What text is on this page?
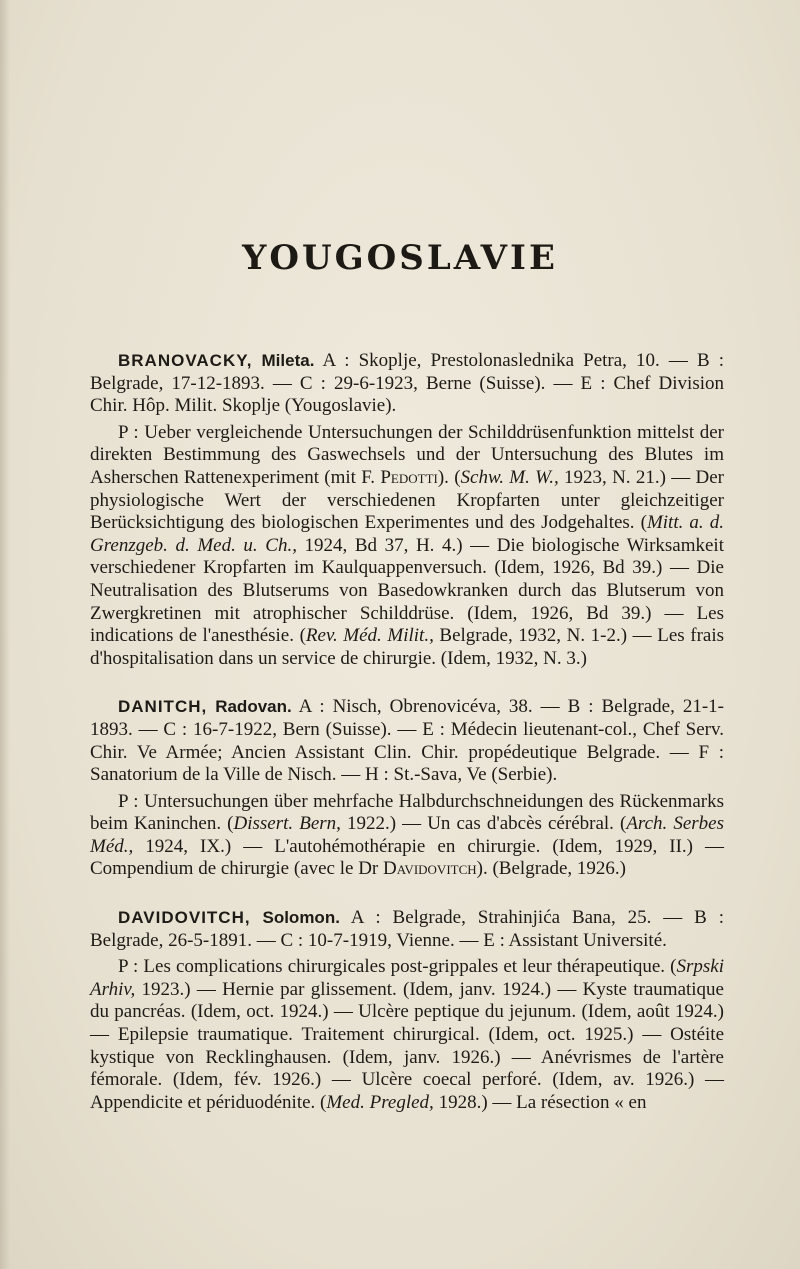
YOUGOSLAVIE

BRANOVACKY, Mileta. A : Skoplje, Prestolonaslednika Petra, 10. — B : Belgrade, 17-12-1893. — C : 29-6-1923, Berne (Suisse). — E : Chef Division Chir. Hôp. Milit. Skoplje (Yougoslavie).

P : Ueber vergleichende Untersuchungen der Schilddrüsenfunktion mittelst der direkten Bestimmung des Gaswechsels und der Untersuchung des Blutes im Asherschen Rattenexperiment (mit F. Pedotti). (Schw. M. W., 1923, N. 21.) — Der physiologische Wert der verschiedenen Kropfarten unter gleichzeitiger Berücksichtigung des biologischen Experimentes und des Jodgehaltes. (Mitt. a. d. Grenzgeb. d. Med. u. Ch., 1924, Bd 37, H. 4.) — Die biologische Wirksamkeit verschiedener Kropfarten im Kaulquappenversuch. (Idem, 1926, Bd 39.) — Die Neutralisation des Blutserums von Basedowkranken durch das Blutserum von Zwergkretinen mit atrophischer Schilddrüse. (Idem, 1926, Bd 39.) — Les indications de l'anesthésie. (Rev. Méd. Milit., Belgrade, 1932, N. 1-2.) — Les frais d'hospitalisation dans un service de chirurgie. (Idem, 1932, N. 3.)

DANITCH, Radovan. A : Nisch, Obrenovicéva, 38. — B : Belgrade, 21-1-1893. — C : 16-7-1922, Bern (Suisse). — E : Médecin lieutenant-col., Chef Serv. Chir. Ve Armée; Ancien Assistant Clin. Chir. propédeutique Belgrade. — F : Sanatorium de la Ville de Nisch. — H : St.-Sava, Ve (Serbie).

P : Untersuchungen über mehrfache Halbdurchschneidungen des Rückenmarks beim Kaninchen. (Dissert. Bern, 1922.) — Un cas d'abcès cérébral. (Arch. Serbes Méd., 1924, IX.) — L'autohémothérapie en chirurgie. (Idem, 1929, II.) — Compendium de chirurgie (avec le Dr Davidovitch). (Belgrade, 1926.)

DAVIDOVITCH, Solomon. A : Belgrade, Strahinjića Bana, 25. — B : Belgrade, 26-5-1891. — C : 10-7-1919, Vienne. — E : Assistant Université.

P : Les complications chirurgicales post-grippales et leur thérapeutique. (Srpski Arhiv, 1923.) — Hernie par glissement. (Idem, janv. 1924.) — Kyste traumatique du pancréas. (Idem, oct. 1924.) — Ulcère peptique du jejunum. (Idem, août 1924.) — Epilepsie traumatique. Traitement chirurgical. (Idem, oct. 1925.) — Ostéite kystique von Recklinghausen. (Idem, janv. 1926.) — Anévrismes de l'artère fémorale. (Idem, fév. 1926.) — Ulcère coecal perforé. (Idem, av. 1926.) — Appendicite et périduodénite. (Med. Pregled, 1928.) — La résection « en
